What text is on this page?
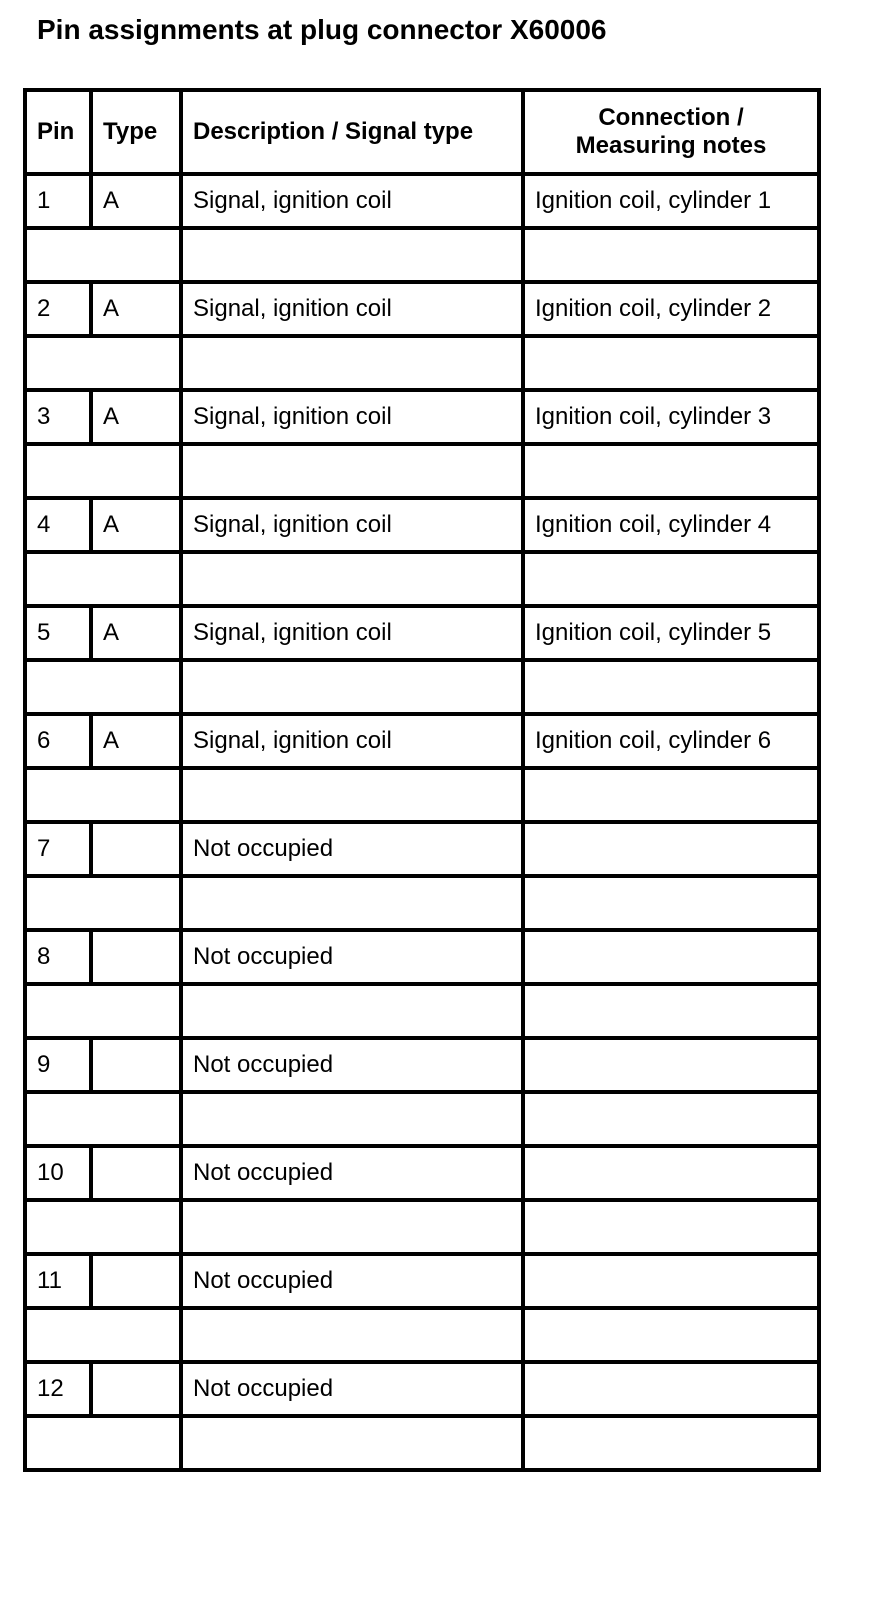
Pin assignments at plug connector X60006
Pin	Type	Description / Signal type	Connection /
Measuring notes
1	A	Signal, ignition coil	Ignition coil, cylinder 1

2	A	Signal, ignition coil	Ignition coil, cylinder 2

3	A	Signal, ignition coil	Ignition coil, cylinder 3

4	A	Signal, ignition coil	Ignition coil, cylinder 4

5	A	Signal, ignition coil	Ignition coil, cylinder 5

6	A	Signal, ignition coil	Ignition coil, cylinder 6

7		Not occupied	

8		Not occupied	

9		Not occupied	

10		Not occupied	

11		Not occupied	

12		Not occupied	
